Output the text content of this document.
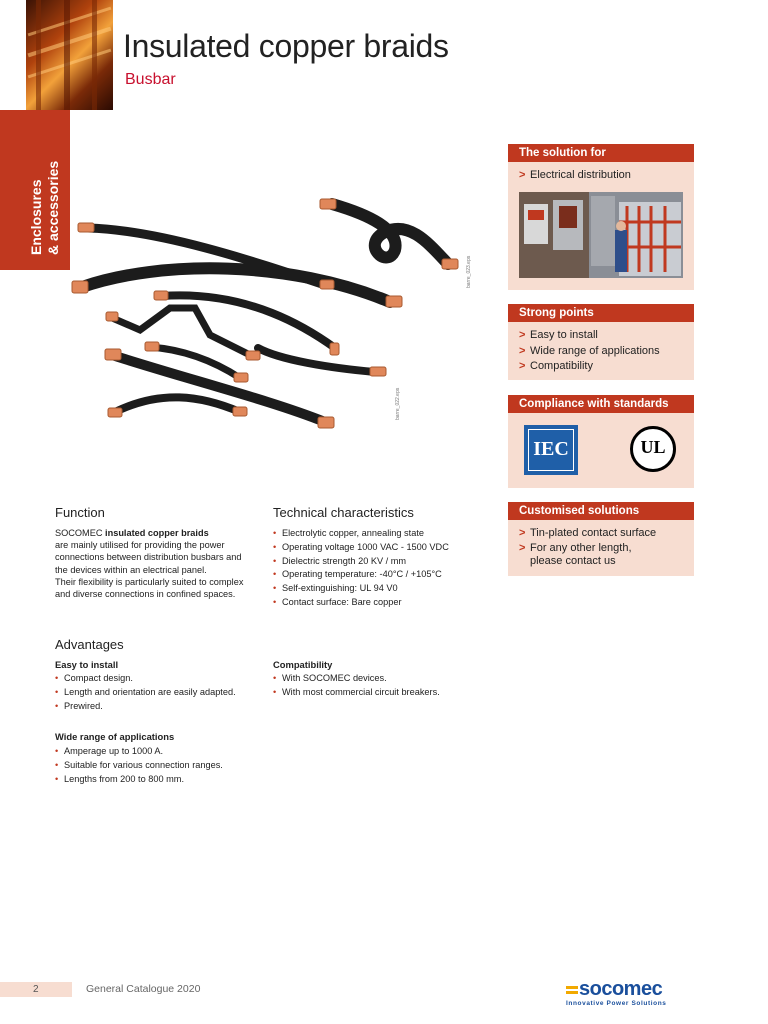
Insulated copper braids
Busbar
Enclosures & accessories
barre_023.eps
barre_022.eps
The solution for
> Electrical distribution
Strong points
> Easy to install
> Wide range of applications
> Compatibility
Compliance with standards
IEC	UL
Customised solutions
> Tin-plated contact surface
> For any other length,
please contact us
Function
SOCOMEC insulated copper braids
are mainly utilised for providing the power
connections between distribution busbars and
the devices within an electrical panel.
Their flexibility is particularly suited to complex
and diverse connections in confined spaces.
Technical characteristics
• Electrolytic copper, annealing state
• Operating voltage 1000 VAC - 1500 VDC
• Dielectric strength 20 KV / mm
• Operating temperature: -40°C / +105°C
• Self-extinguishing: UL 94 V0
• Contact surface: Bare copper
Advantages
Easy to install
• Compact design.
• Length and orientation are easily adapted.
• Prewired.
Wide range of applications
• Amperage up to 1000 A.
• Suitable for various connection ranges.
• Lengths from 200 to 800 mm.
Compatibility
• With SOCOMEC devices.
• With most commercial circuit breakers.
2	General Catalogue 2020	socomec
Innovative Power Solutions
